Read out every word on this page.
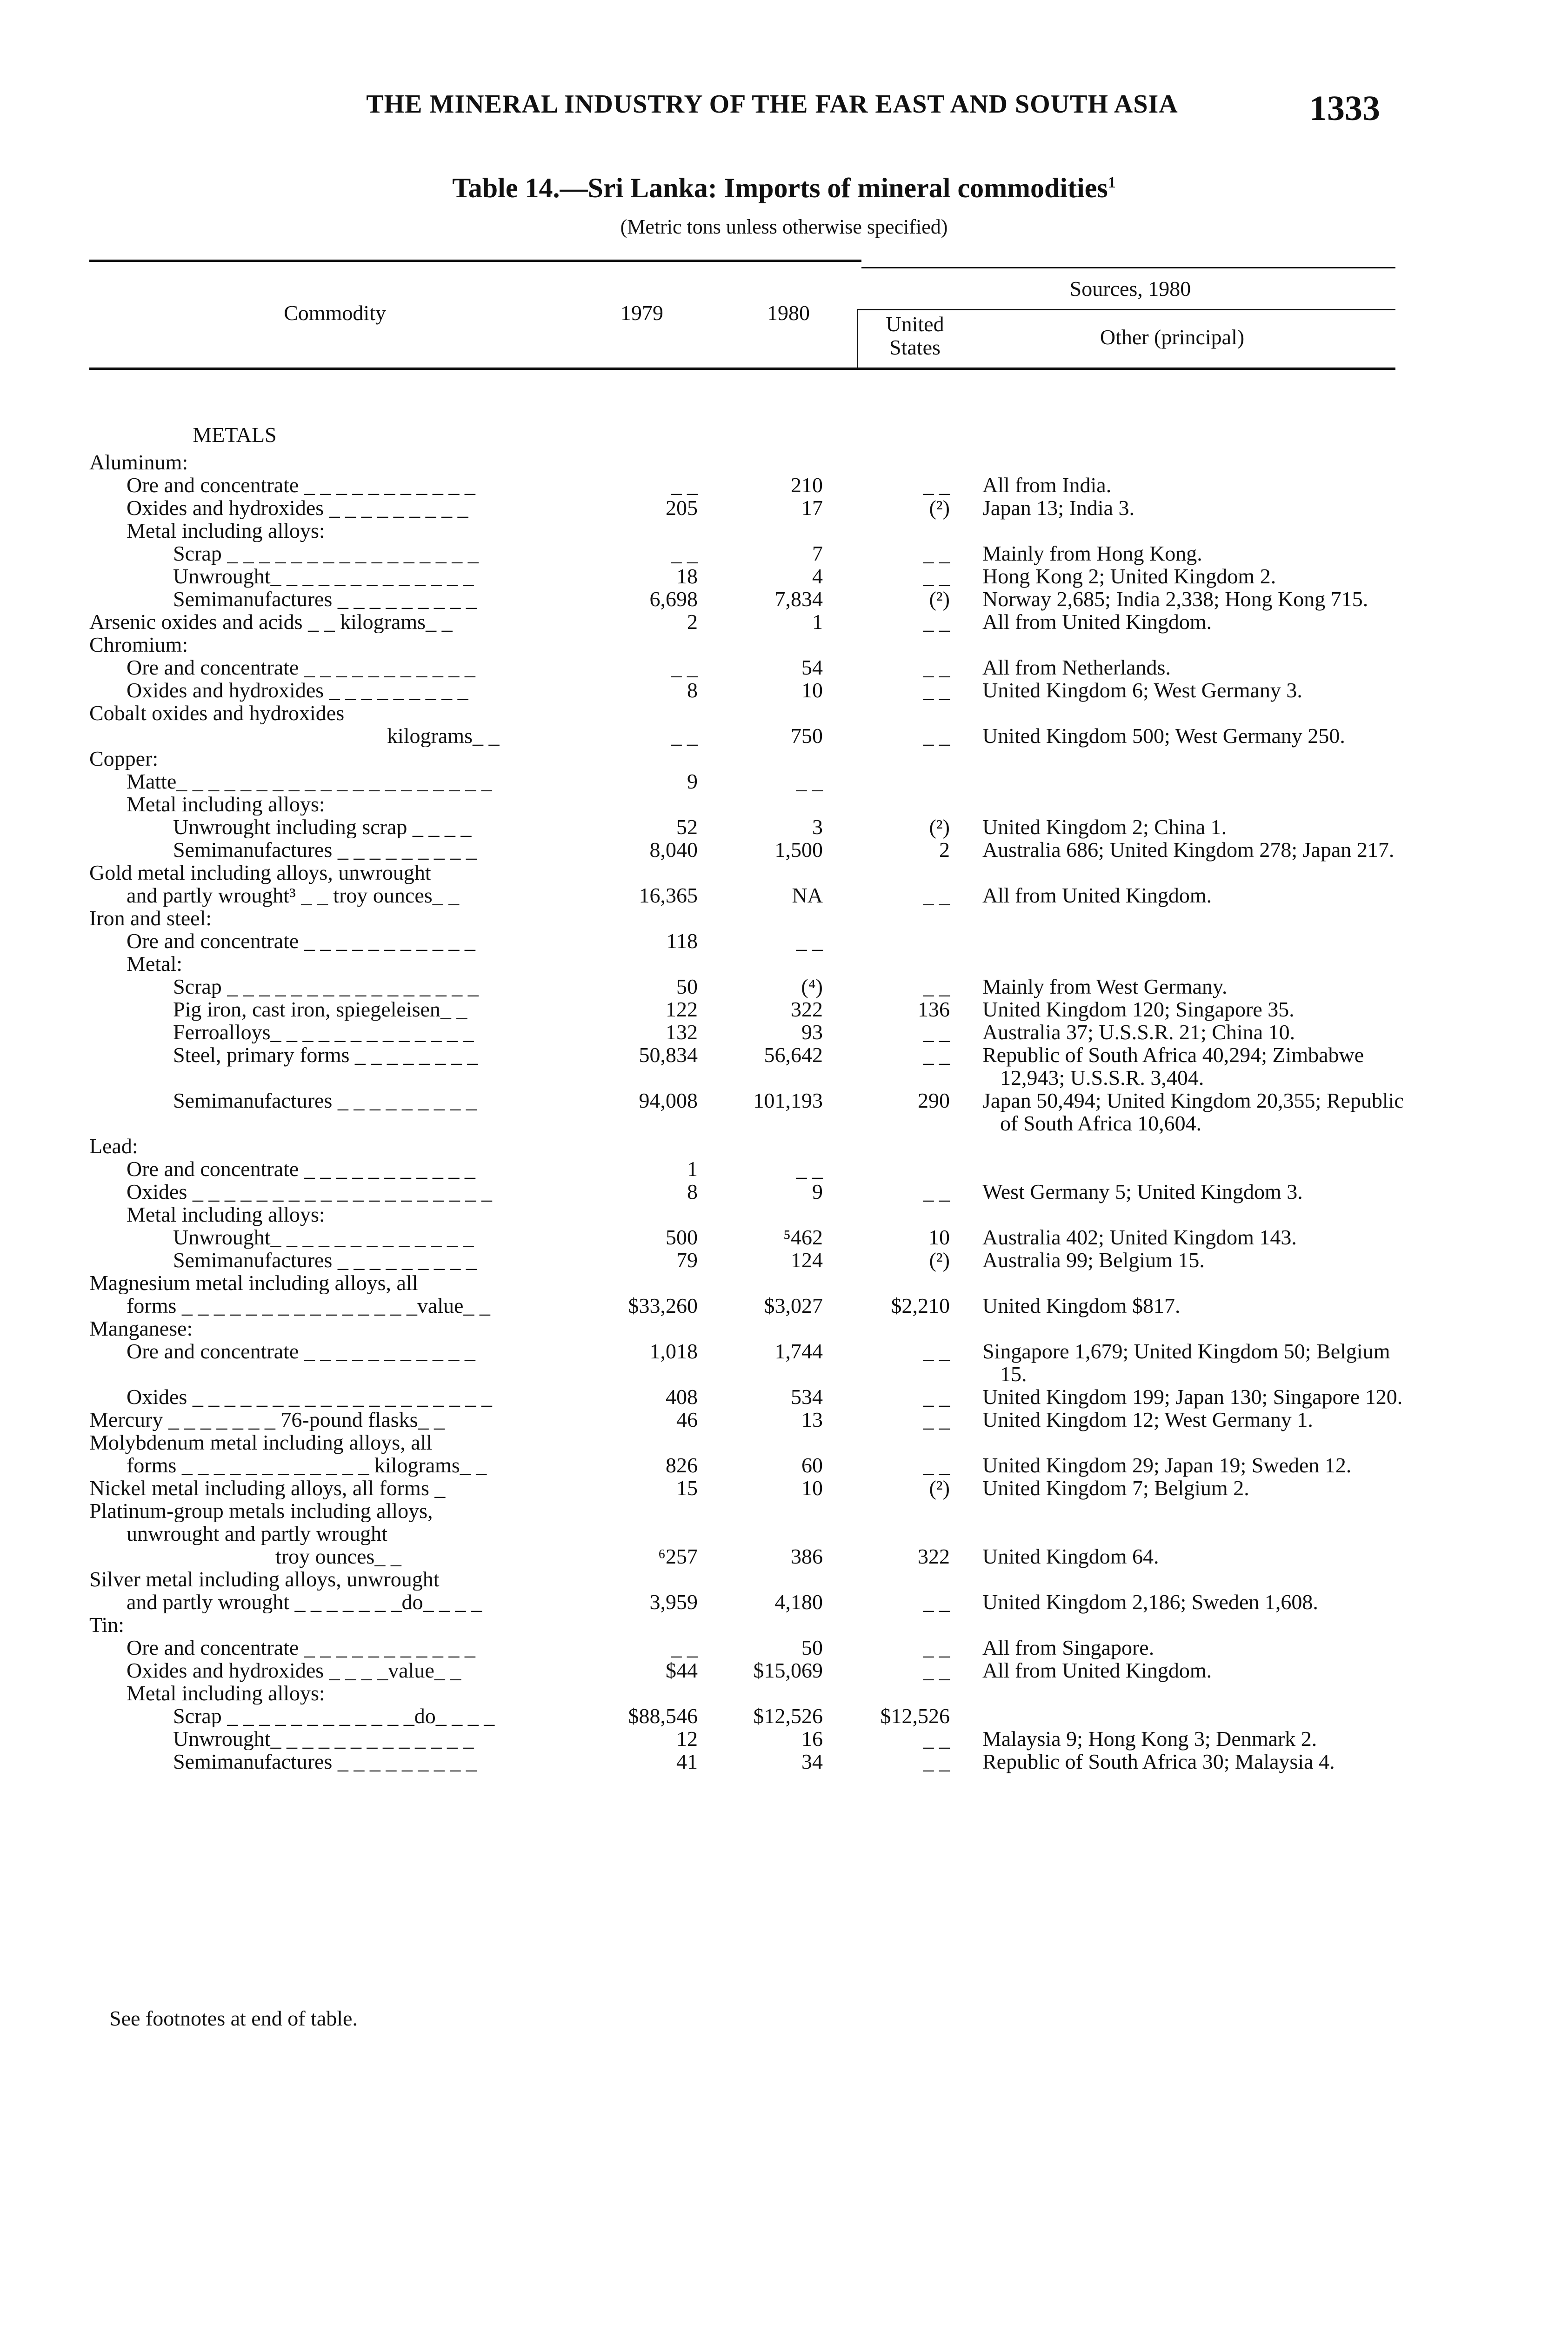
THE MINERAL INDUSTRY OF THE FAR EAST AND SOUTH ASIA	1333
Table 14.—Sri Lanka: Imports of mineral commodities$^1$
(Metric tons unless otherwise specified)
Commodity	1979	1980
Sources, 1980
United
States	Other (principal)
METALS				
Aluminum:				
Ore and concentrate _ _ _ _ _ _ _ _ _ _ _	_ _	210	_ _	All from India.

Oxides and hydroxides _ _ _ _ _ _ _ _ _	205	17	(²)	Japan 13; India 3.

Metal including alloys:				
Scrap _ _ _ _ _ _ _ _ _ _ _ _ _ _ _ _	_ _	7	_ _	Mainly from Hong Kong.

Unwrought_ _ _ _ _ _ _ _ _ _ _ _ _	18	4	_ _	Hong Kong 2; United Kingdom 2.

Semimanufactures _ _ _ _ _ _ _ _ _	6,698	7,834	(²)	Norway 2,685; India 2,338; Hong Kong 715.

Arsenic oxides and acids _ _ kilograms_ _	2	1	_ _	All from United Kingdom.

Chromium:				
Ore and concentrate _ _ _ _ _ _ _ _ _ _ _	_ _	54	_ _	All from Netherlands.

Oxides and hydroxides _ _ _ _ _ _ _ _ _	8	10	_ _	United Kingdom 6; West Germany 3.

Cobalt oxides and hydroxides				
kilograms_ _	_ _	750	_ _	United Kingdom 500; West Germany 250.

Copper:				
Matte_ _ _ _ _ _ _ _ _ _ _ _ _ _ _ _ _ _ _ _	9	_ _		
Metal including alloys:				
Unwrought including scrap _ _ _ _	52	3	(²)	United Kingdom 2; China 1.

Semimanufactures _ _ _ _ _ _ _ _ _	8,040	1,500	2	Australia 686; United Kingdom 278; Japan 217.

Gold metal including alloys, unwrought				
and partly wrought³ _ _ troy ounces_ _	16,365	NA	_ _	All from United Kingdom.

Iron and steel:				
Ore and concentrate _ _ _ _ _ _ _ _ _ _ _	118	_ _		
Metal:				
Scrap _ _ _ _ _ _ _ _ _ _ _ _ _ _ _ _	50	(⁴)	_ _	Mainly from West Germany.

Pig iron, cast iron, spiegeleisen_ _	122	322	136	United Kingdom 120; Singapore 35.

Ferroalloys_ _ _ _ _ _ _ _ _ _ _ _ _	132	93	_ _	Australia 37; U.S.S.R. 21; China 10.

Steel, primary forms _ _ _ _ _ _ _ _	50,834	56,642	_ _	Republic of South Africa 40,294; Zimbabwe 12,943; U.S.S.R. 3,404.

Semimanufactures _ _ _ _ _ _ _ _ _	94,008	101,193	290	Japan 50,494; United Kingdom 20,355; Republic of South Africa 10,604.

Lead:				
Ore and concentrate _ _ _ _ _ _ _ _ _ _ _	1	_ _		
Oxides _ _ _ _ _ _ _ _ _ _ _ _ _ _ _ _ _ _ _	8	9	_ _	West Germany 5; United Kingdom 3.

Metal including alloys:				
Unwrought_ _ _ _ _ _ _ _ _ _ _ _ _	500	⁵462	10	Australia 402; United Kingdom 143.

Semimanufactures _ _ _ _ _ _ _ _ _	79	124	(²)	Australia 99; Belgium 15.

Magnesium metal including alloys, all				
forms _ _ _ _ _ _ _ _ _ _ _ _ _ _ _value_ _	$33,260	$3,027	$2,210	United Kingdom $817.

Manganese:				
Ore and concentrate _ _ _ _ _ _ _ _ _ _ _	1,018	1,744	_ _	Singapore 1,679; United Kingdom 50; Belgium 15.

Oxides _ _ _ _ _ _ _ _ _ _ _ _ _ _ _ _ _ _ _	408	534	_ _	United Kingdom 199; Japan 130; Singapore 120.

Mercury _ _ _ _ _ _ _ 76-pound flasks_ _	46	13	_ _	United Kingdom 12; West Germany 1.

Molybdenum metal including alloys, all				
forms _ _ _ _ _ _ _ _ _ _ _ _ kilograms_ _	826	60	_ _	United Kingdom 29; Japan 19; Sweden 12.

Nickel metal including alloys, all forms _	15	10	(²)	United Kingdom 7; Belgium 2.

Platinum-group metals including alloys,				
unwrought and partly wrought				
troy ounces_ _	⁶257	386	322	United Kingdom 64.

Silver metal including alloys, unwrought				
and partly wrought _ _ _ _ _ _ _do_ _ _ _	3,959	4,180	_ _	United Kingdom 2,186; Sweden 1,608.

Tin:				
Ore and concentrate _ _ _ _ _ _ _ _ _ _ _	_ _	50	_ _	All from Singapore.

Oxides and hydroxides _ _ _ _value_ _	$44	$15,069	_ _	All from United Kingdom.

Metal including alloys:				
Scrap _ _ _ _ _ _ _ _ _ _ _ _do_ _ _ _	$88,546	$12,526	$12,526	
Unwrought_ _ _ _ _ _ _ _ _ _ _ _ _	12	16	_ _	Malaysia 9; Hong Kong 3; Denmark 2.

Semimanufactures _ _ _ _ _ _ _ _ _	41	34	_ _	Republic of South Africa 30; Malaysia 4.
See footnotes at end of table.
